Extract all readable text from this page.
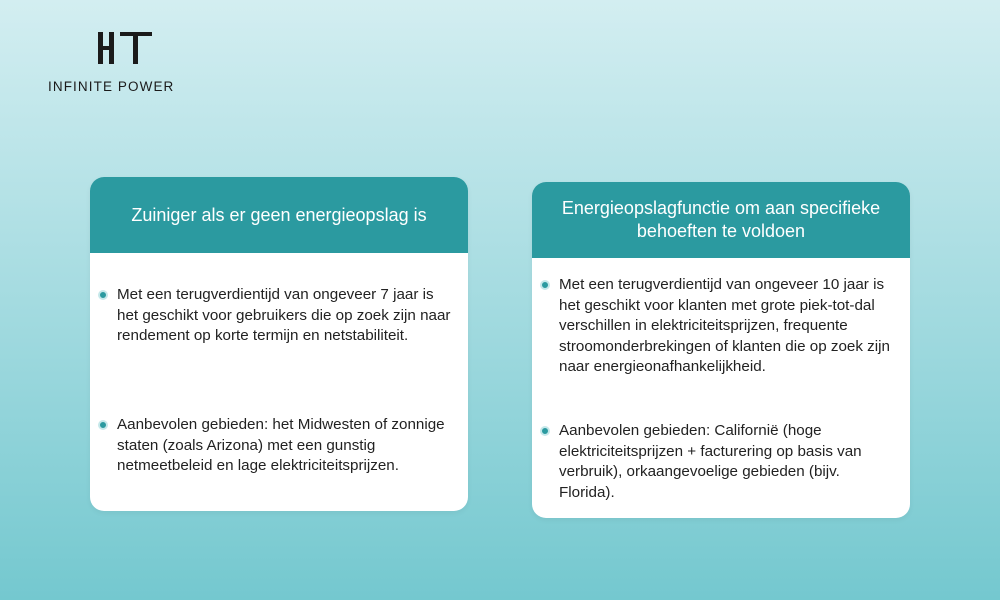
INFINITE POWER
Zuiniger als er geen energieopslag is
Met een terugverdientijd van ongeveer 7 jaar is het geschikt voor gebruikers die op zoek zijn naar rendement op korte termijn en netstabiliteit.
Aanbevolen gebieden: het Midwesten of zonnige staten (zoals Arizona) met een gunstig netmeetbeleid en lage elektriciteitsprijzen.
Energieopslagfunctie om aan specifieke behoeften te voldoen
Met een terugverdientijd van ongeveer 10 jaar is het geschikt voor klanten met grote piek-tot-dal verschillen in elektriciteitsprijzen, frequente stroomonderbrekingen of klanten die op zoek zijn naar energieonafhankelijkheid.
Aanbevolen gebieden: Californië (hoge elektriciteitsprijzen + facturering op basis van verbruik), orkaangevoelige gebieden (bijv. Florida).
